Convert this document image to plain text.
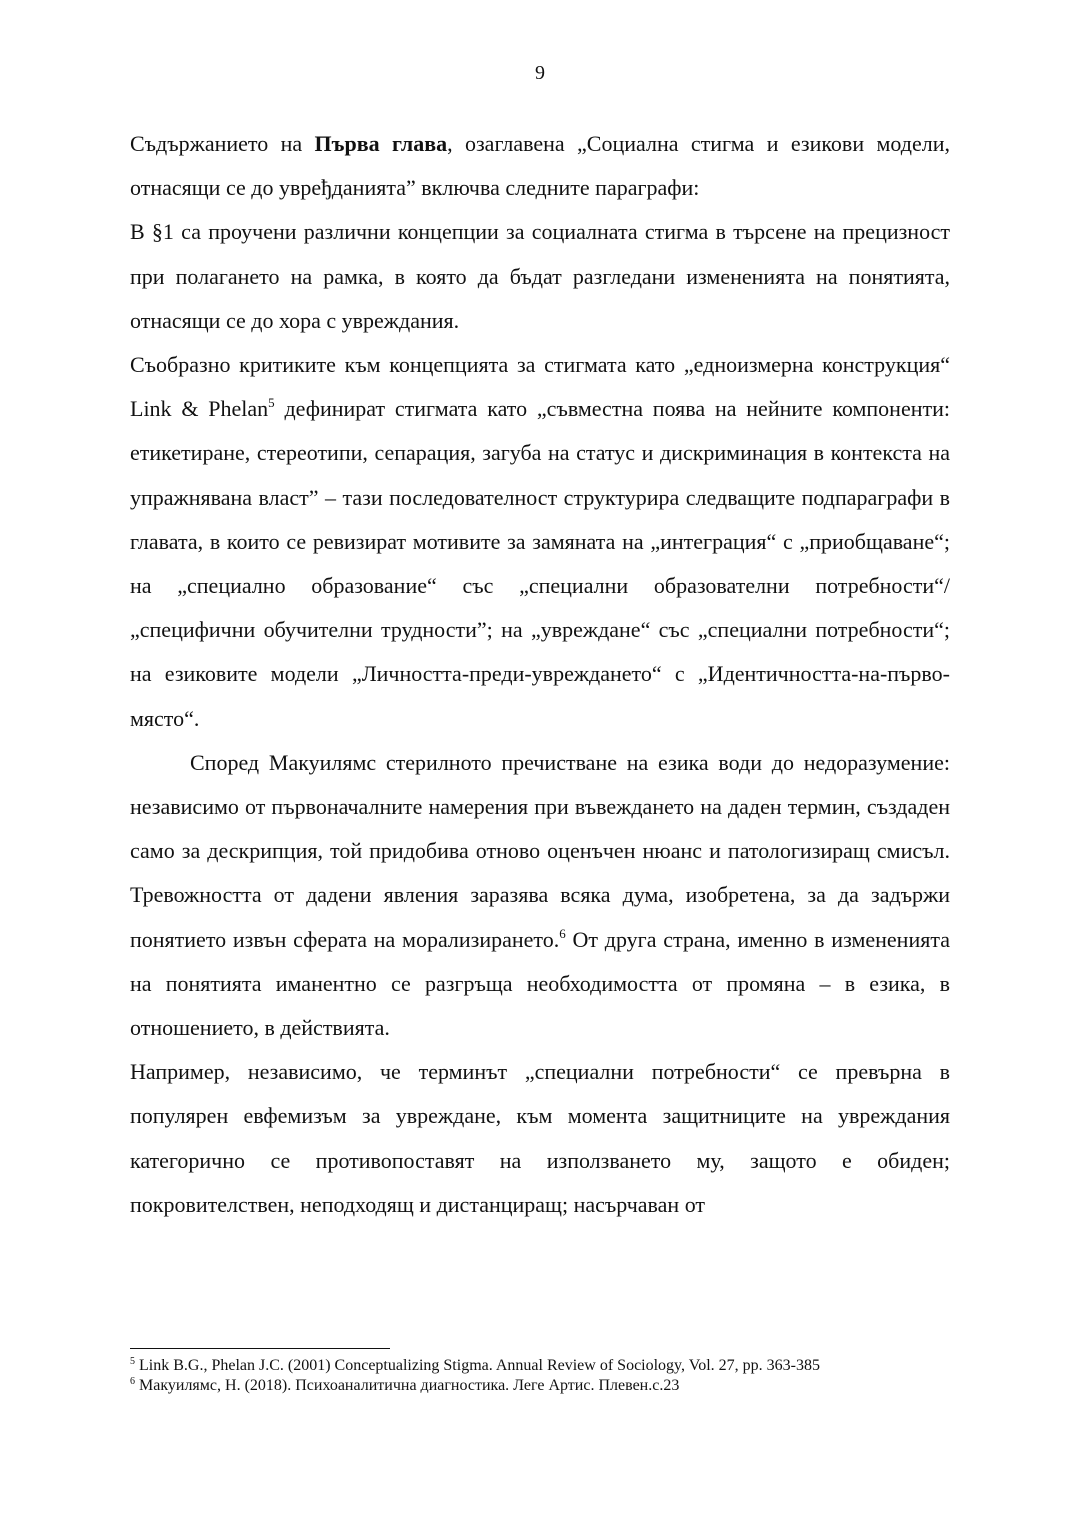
9

Съдържанието на Първа глава, озаглавена „Социална стигма и езикови модели, отнасящи се до увређданията” включва следните параграфи:

В §1 са проучени различни концепции за социалната стигма в търсене на прецизност при полагането на рамка, в която да бъдат разгледани измененията на понятията, отнасящи се до хора с увреждания.

Съобразно критиките към концепцията за стигмата като „едноизмерна конструкция“ Link & Phelan$^5$ дефинират стигмата като „съвместна поява на нейните компоненти: етикетиране, стереотипи, сепарация, загуба на статус и дискриминация в контекста на упражнявана власт” – тази последователност структурира следващите подпараграфи в главата, в които се ревизират мотивите за замяната на „интеграция“ с „приобщаване“; на „специално образование“ със „специални образователни потребности“/ „специфични обучителни трудности”; на „увреждане“ със „специални потребности“; на езиковите модели „Личността-преди-увреждането“ с „Идентичността-на-първо-място“.

Според Макуилямс стерилното пречистване на езика води до недоразумение: независимо от първоначалните намерения при въвеждането на даден термин, създаден само за дескрипция, той придобива отново оценъчен нюанс и патологизиращ смисъл. Тревожността от дадени явления заразява всяка дума, изобретена, за да задържи понятието извън сферата на морализирането.$^6$ От друга страна, именно в измененията на понятията иманентно се разгръща необходимостта от промяна – в езика, в отношението, в действията.

Например, независимо, че терминът „специални потребности“ се превърна в популярен евфемизъм за увреждане, към момента защитниците на увреждания категорично се противопоставят на използването му, защото е обиден; покровителствен, неподходящ и дистанциращ; насърчаван от

$^5$ Link B.G., Phelan J.C. (2001) Conceptualizing Stigma. Annual Review of Sociology, Vol. 27, pp. 363-385

$^6$ Макуилямс, Н. (2018). Психоаналитична диагностика. Леге Артис. Плевен.с.23
